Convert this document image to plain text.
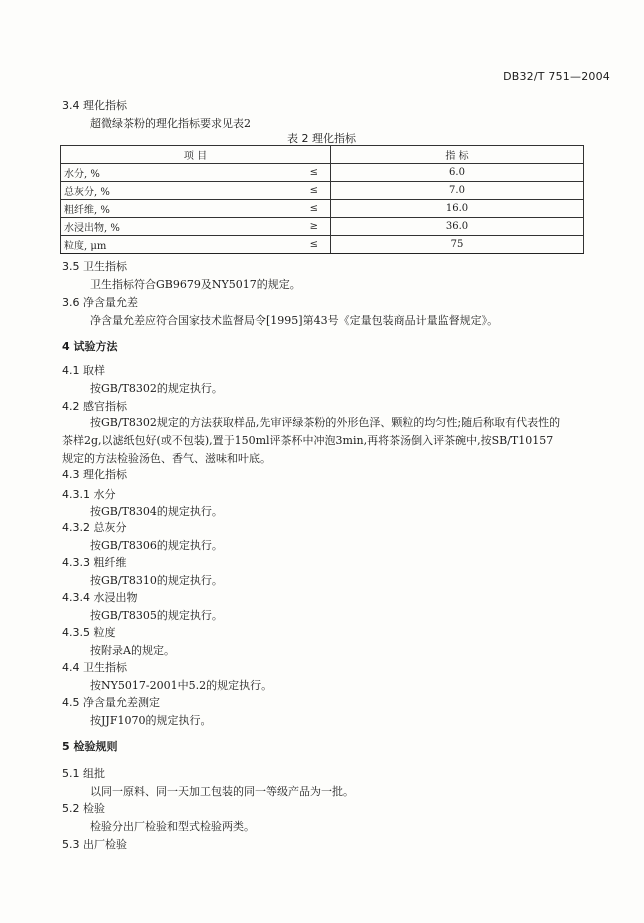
DB32/T 751—2004
3.4 理化指标
超微绿茶粉的理化指标要求见表2
表 2 理化指标
项 目		指 标
水分, %	≤	6.0
总灰分, %	≤	7.0
粗纤维, %	≤	16.0
水浸出物, %	≥	36.0
粒度, μm	≤	75
3.5 卫生指标
卫生指标符合GB9679及NY5017的规定。
3.6 净含量允差
净含量允差应符合国家技术监督局令[1995]第43号《定量包装商品计量监督规定》。
4 试验方法
4.1 取样
按GB/T8302的规定执行。
4.2 感官指标
按GB/T8302规定的方法获取样品,先审评绿茶粉的外形色泽、颗粒的均匀性;随后称取有代表性的
茶样2g,以滤纸包好(或不包装),置于150ml评茶杯中冲泡3min,再将茶汤倒入评茶碗中,按SB/T10157
规定的方法检验汤色、香气、滋味和叶底。
4.3 理化指标
4.3.1 水分
按GB/T8304的规定执行。
4.3.2 总灰分
按GB/T8306的规定执行。
4.3.3 粗纤维
按GB/T8310的规定执行。
4.3.4 水浸出物
按GB/T8305的规定执行。
4.3.5 粒度
按附录A的规定。
4.4 卫生指标
按NY5017-2001中5.2的规定执行。
4.5 净含量允差测定
按JJF1070的规定执行。
5 检验规则
5.1 组批
以同一原料、同一天加工包装的同一等级产品为一批。
5.2 检验
检验分出厂检验和型式检验两类。
5.3 出厂检验
